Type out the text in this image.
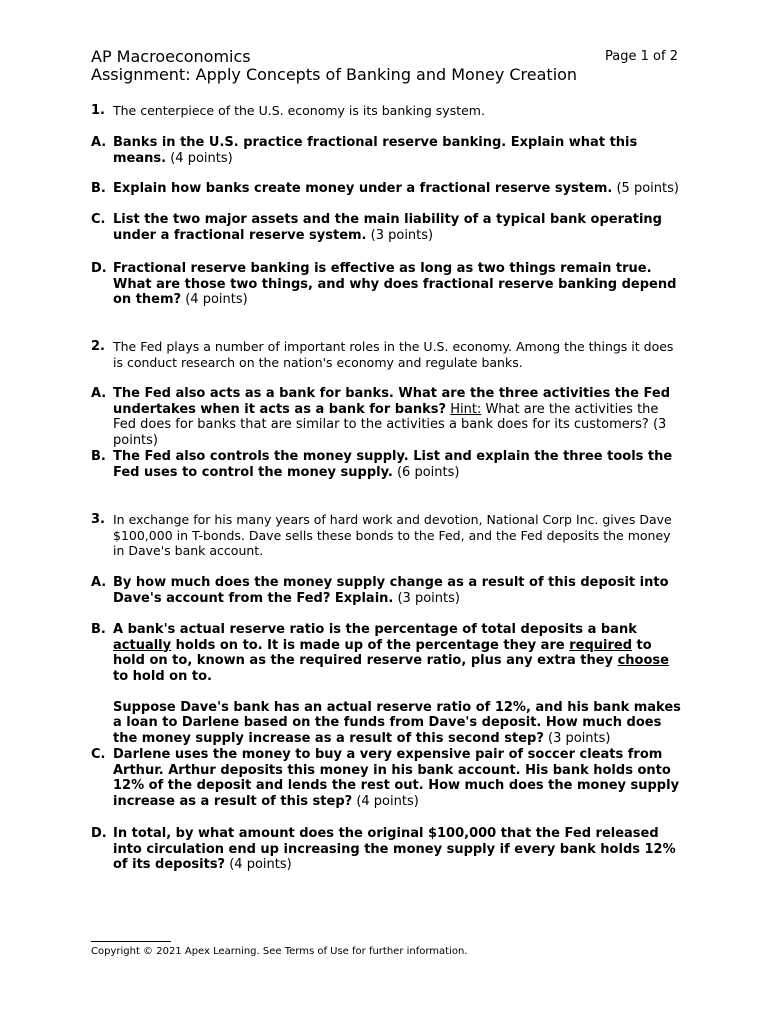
AP Macroeconomics
Assignment: Apply Concepts of Banking and Money Creation
Page 1 of 2
1. The centerpiece of the U.S. economy is its banking system.
A. Banks in the U.S. practice fractional reserve banking. Explain what this means. (4 points)
B. Explain how banks create money under a fractional reserve system. (5 points)
C. List the two major assets and the main liability of a typical bank operating under a fractional reserve system. (3 points)
D. Fractional reserve banking is effective as long as two things remain true. What are those two things, and why does fractional reserve banking depend on them? (4 points)
2. The Fed plays a number of important roles in the U.S. economy. Among the things it does is conduct research on the nation's economy and regulate banks.
A. The Fed also acts as a bank for banks. What are the three activities the Fed undertakes when it acts as a bank for banks? Hint: What are the activities the Fed does for banks that are similar to the activities a bank does for its customers? (3 points)
B. The Fed also controls the money supply. List and explain the three tools the Fed uses to control the money supply. (6 points)
3. In exchange for his many years of hard work and devotion, National Corp Inc. gives Dave $100,000 in T-bonds. Dave sells these bonds to the Fed, and the Fed deposits the money in Dave's bank account.
A. By how much does the money supply change as a result of this deposit into Dave's account from the Fed? Explain. (3 points)
B. A bank's actual reserve ratio is the percentage of total deposits a bank actually holds on to. It is made up of the percentage they are required to hold on to, known as the required reserve ratio, plus any extra they choose to hold on to.
Suppose Dave's bank has an actual reserve ratio of 12%, and his bank makes a loan to Darlene based on the funds from Dave's deposit. How much does the money supply increase as a result of this second step? (3 points)
C. Darlene uses the money to buy a very expensive pair of soccer cleats from Arthur. Arthur deposits this money in his bank account. His bank holds onto 12% of the deposit and lends the rest out. How much does the money supply increase as a result of this step? (4 points)
D. In total, by what amount does the original $100,000 that the Fed released into circulation end up increasing the money supply if every bank holds 12% of its deposits? (4 points)
Copyright © 2021 Apex Learning. See Terms of Use for further information.
